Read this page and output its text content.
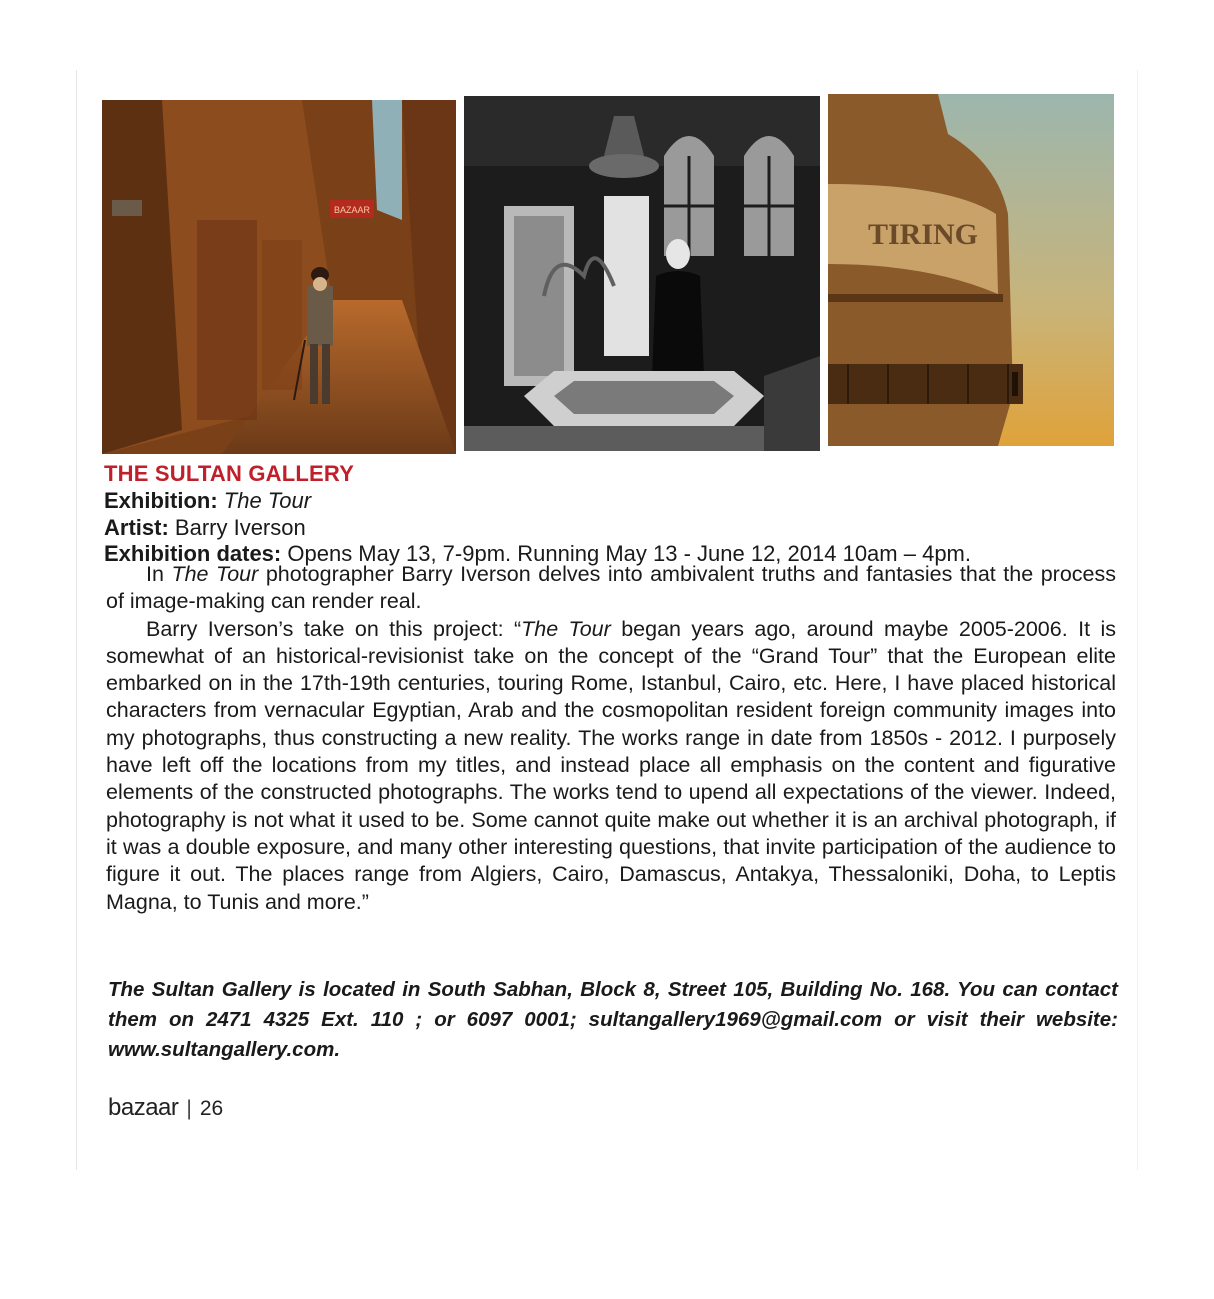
BAZAAR
TIRING
THE SULTAN GALLERY
Exhibition: The Tour
Artist: Barry Iverson
Exhibition dates: Opens May 13, 7-9pm. Running May 13 - June 12, 2014 10am – 4pm.

In The Tour photographer Barry Iverson delves into ambivalent truths and fantasies that the process of image-making can render real.

Barry Iverson’s take on this project: “The Tour began years ago, around maybe 2005-2006. It is somewhat of an historical-revisionist take on the concept of the “Grand Tour” that the European elite embarked on in the 17th-19th centuries, touring Rome, Istanbul, Cairo, etc. Here, I have placed historical characters from vernacular Egyptian, Arab and the cosmopolitan resident foreign community images into my photographs, thus constructing a new reality. The works range in date from 1850s - 2012. I purposely have left off the locations from my titles, and instead place all emphasis on the content and figurative elements of the constructed photographs. The works tend to upend all expectations of the viewer. Indeed, photography is not what it used to be. Some cannot quite make out whether it is an archival photograph, if it was a double exposure, and many other interesting questions, that invite participation of the audience to figure it out. The places range from Algiers, Cairo, Damascus, Antakya, Thessaloniki, Doha, to Leptis Magna, to Tunis and more.”

The Sultan Gallery is located in South Sabhan, Block 8, Street 105, Building No. 168. You can contact them on 2471 4325 Ext. 110 ; or 6097 0001; sultangallery1969@gmail.com or visit their website: www.sultangallery.com.
bazaar | 26
